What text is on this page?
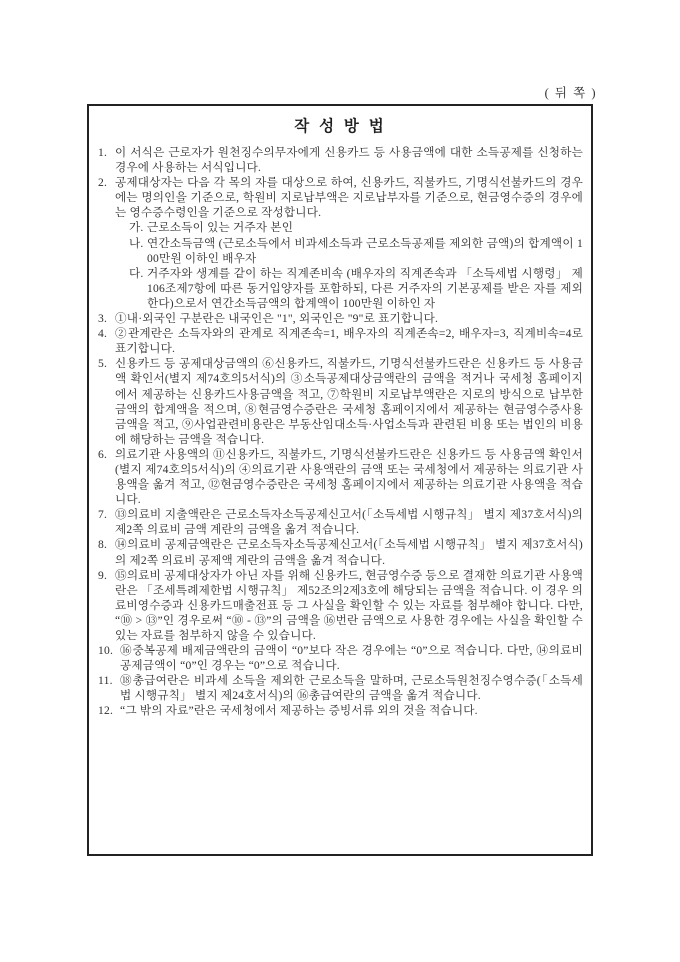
( 뒤 쪽 )
작 성 방 법
1. 이 서식은 근로자가 원천징수의무자에게 신용카드 등 사용금액에 대한 소득공제를 신청하는 경우에 사용하는 서식입니다.
2. 공제대상자는 다음 각 목의 자를 대상으로 하여, 신용카드, 직불카드, 기명식선불카드의 경우에는 명의인을 기준으로, 학원비 지로납부액은 지로납부자를 기준으로, 현금영수증의 경우에는 영수증수령인을 기준으로 작성합니다.
가. 근로소득이 있는 거주자 본인
나. 연간소득금액 (근로소득에서 비과세소득과 근로소득공제를 제외한 금액)의 합계액이 100만원 이하인 배우자
다. 거주자와 생계를 같이 하는 직계존비속 (배우자의 직계존속과 「소득세법 시행령」 제106조제7항에 따른 동거입양자를 포함하되, 다른 거주자의 기본공제를 받은 자를 제외한다)으로서 연간소득금액의 합계액이 100만원 이하인 자
3. ①내·외국인 구분란은 내국인은 "1", 외국인은 "9"로 표기합니다.
4. ②관계란은 소득자와의 관계로 직계존속=1, 배우자의 직계존속=2, 배우자=3, 직계비속=4로 표기합니다.
5. 신용카드 등 공제대상금액의 ⑥신용카드, 직불카드, 기명식선불카드란은 신용카드 등 사용금액 확인서(별지 제74호의5서식)의 ③소득공제대상금액란의 금액을 적거나 국세청 홈페이지에서 제공하는 신용카드사용금액을 적고, ⑦학원비 지로납부액란은 지로의 방식으로 납부한 금액의 합계액을 적으며, ⑧현금영수증란은 국세청 홈페이지에서 제공하는 현금영수증사용금액을 적고, ⑨사업관련비용란은 부동산임대소득·사업소득과 관련된 비용 또는 법인의 비용에 해당하는 금액을 적습니다.
6. 의료기관 사용액의 ⑪신용카드, 직불카드, 기명식선불카드란은 신용카드 등 사용금액 확인서(별지 제74호의5서식)의 ④의료기관 사용액란의 금액 또는 국세청에서 제공하는 의료기관 사용액을 옮겨 적고, ⑫현금영수증란은 국세청 홈페이지에서 제공하는 의료기관 사용액을 적습니다.
7. ⑬의료비 지출액란은 근로소득자소득공제신고서(「소득세법 시행규칙」 별지 제37호서식)의 제2쪽 의료비 금액 계란의 금액을 옮겨 적습니다.
8. ⑭의료비 공제금액란은 근로소득자소득공제신고서(「소득세법 시행규칙」 별지 제37호서식)의 제2쪽 의료비 공제액 계란의 금액을 옮겨 적습니다.
9. ⑮의료비 공제대상자가 아닌 자를 위해 신용카드, 현금영수증 등으로 결재한 의료기관 사용액란은 「조세특례제한법 시행규칙」 제52조의2제3호에 해당되는 금액을 적습니다. 이 경우 의료비영수증과 신용카드매출전표 등 그 사실을 확인할 수 있는 자료를 첨부해야 합니다. 다만, “⑩ > ⑬”인 경우로써 “⑩ - ⑬”의 금액을 ⑯번란 금액으로 사용한 경우에는 사실을 확인할 수 있는 자료를 첨부하지 않을 수 있습니다.
10. ⑯중복공제 배제금액란의 금액이 “0”보다 작은 경우에는 “0”으로 적습니다. 다만, ⑭의료비공제금액이 “0”인 경우는 “0”으로 적습니다.
11. ⑱총급여란은 비과세 소득을 제외한 근로소득을 말하며, 근로소득원천징수영수증(「소득세법 시행규칙」 별지 제24호서식)의 ⑯총급여란의 금액을 옮겨 적습니다.
12. “그 밖의 자료”란은 국세청에서 제공하는 증빙서류 외의 것을 적습니다.
